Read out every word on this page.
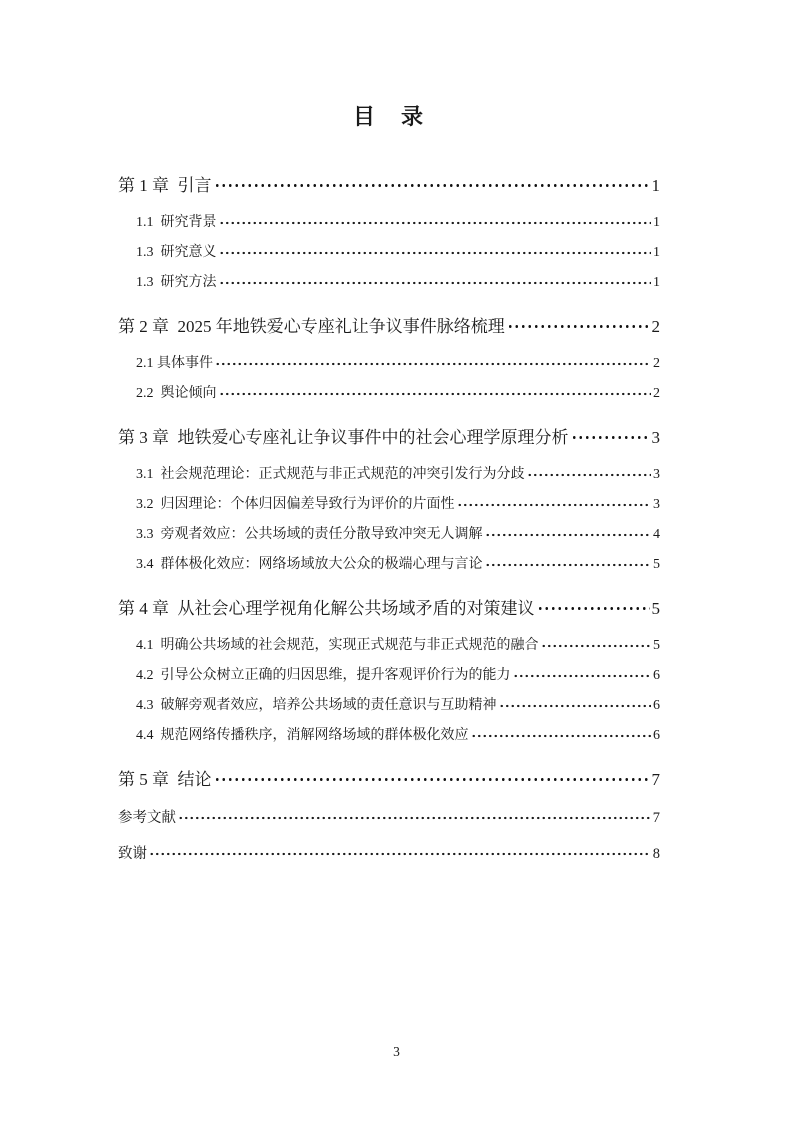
目　录
第 1 章  引言	1
1.1  研究背景	1
1.3  研究意义	1
1.3  研究方法	1
第 2 章  2025 年地铁爱心专座礼让争议事件脉络梳理	2
2.1 具体事件	2
2.2  舆论倾向	2
第 3 章  地铁爱心专座礼让争议事件中的社会心理学原理分析	3
3.1  社会规范理论：正式规范与非正式规范的冲突引发行为分歧	3
3.2  归因理论：个体归因偏差导致行为评价的片面性	3
3.3  旁观者效应：公共场域的责任分散导致冲突无人调解	4
3.4  群体极化效应：网络场域放大公众的极端心理与言论	5
第 4 章  从社会心理学视角化解公共场域矛盾的对策建议	5
4.1  明确公共场域的社会规范，实现正式规范与非正式规范的融合	5
4.2  引导公众树立正确的归因思维，提升客观评价行为的能力	6
4.3  破解旁观者效应，培养公共场域的责任意识与互助精神	6
4.4  规范网络传播秩序，消解网络场域的群体极化效应	6
第 5 章  结论	7
参考文献	7
致谢	8
3
